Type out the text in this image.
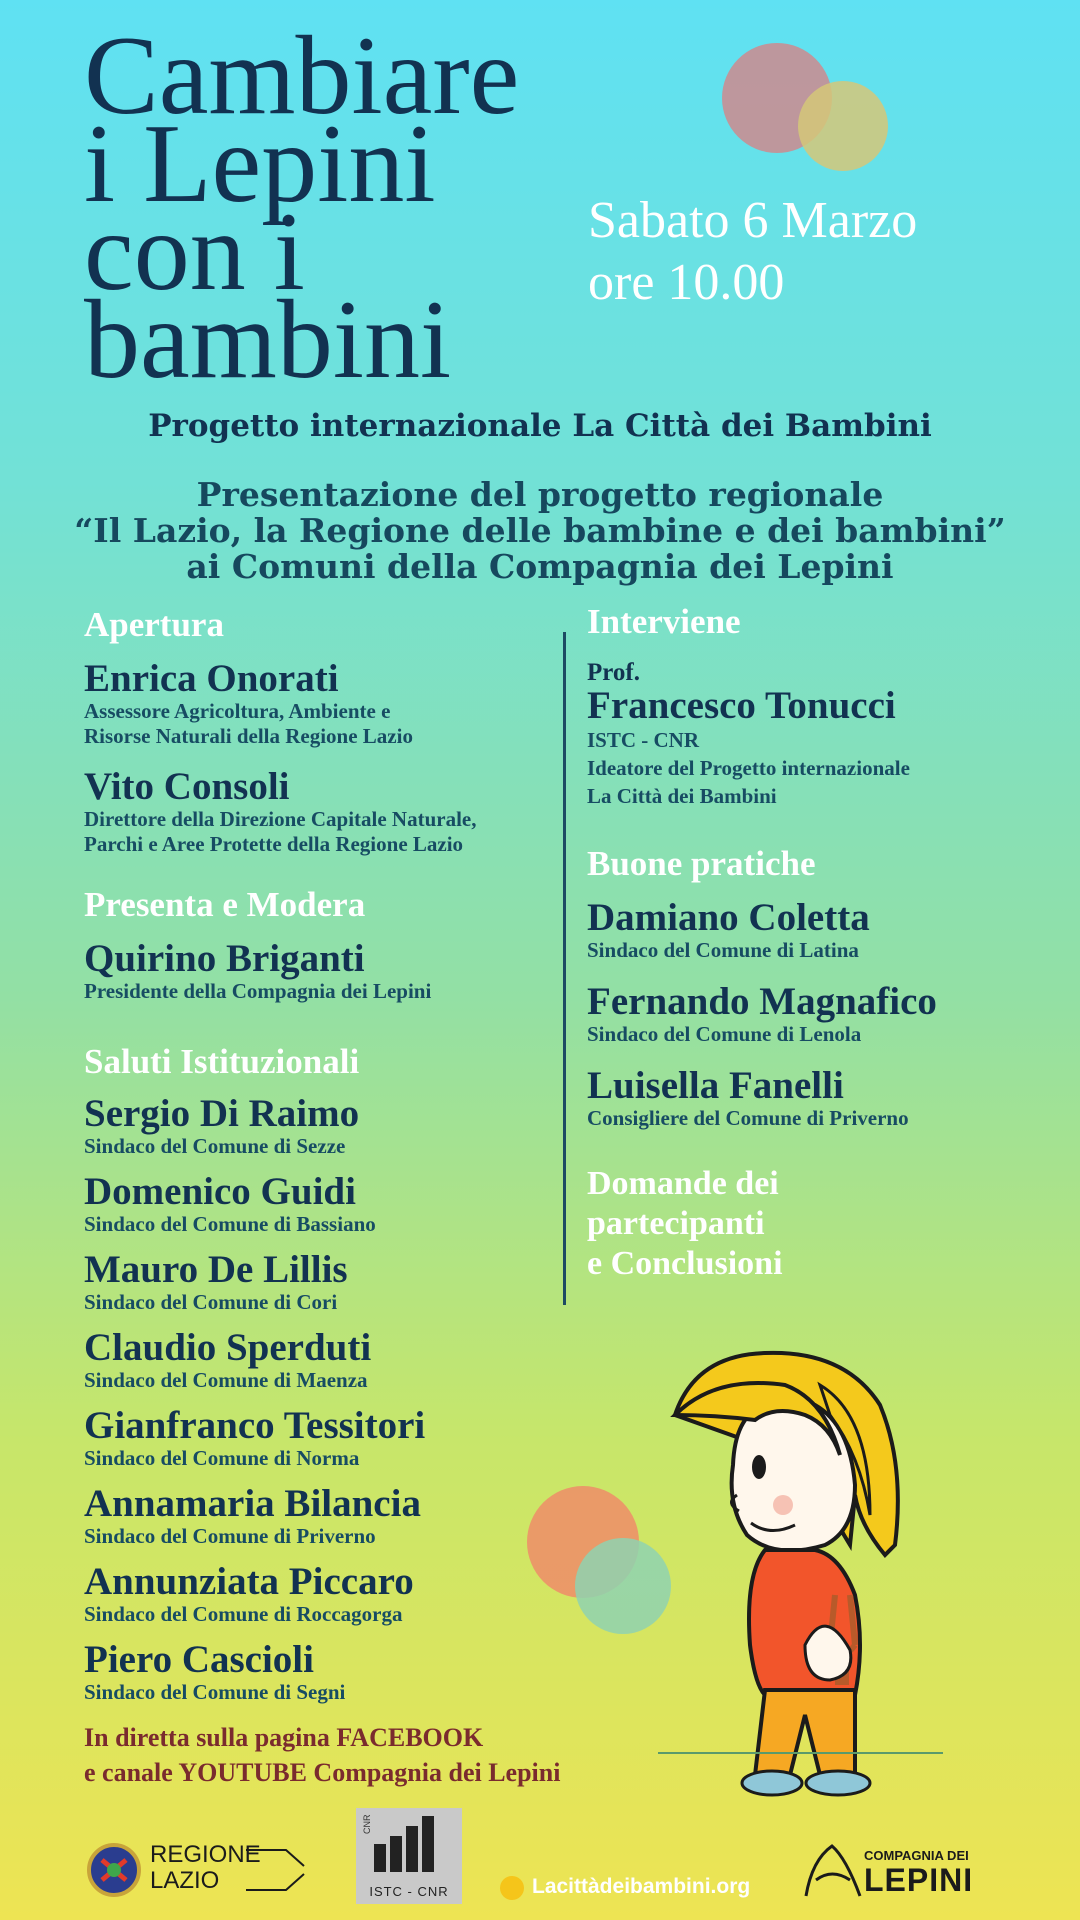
Cambiare
i Lepini
con i
bambini
Sabato 6 Marzo
ore 10.00
Progetto internazionale La Città dei Bambini
Presentazione del progetto regionale
“Il Lazio, la Regione delle bambine e dei bambini”
ai Comuni della Compagnia dei Lepini
Apertura
Enrica Onorati
Assessore Agricoltura, Ambiente e
Risorse Naturali della Regione Lazio
Vito Consoli
Direttore della Direzione Capitale Naturale,
Parchi e Aree Protette della Regione Lazio
Presenta e Modera
Quirino Briganti
Presidente della Compagnia dei Lepini
Saluti Istituzionali
Sergio Di Raimo
Sindaco del Comune di Sezze
Domenico Guidi
Sindaco del Comune di Bassiano
Mauro De Lillis
Sindaco del Comune di Cori
Claudio Sperduti
Sindaco del Comune di Maenza
Gianfranco Tessitori
Sindaco del Comune di Norma
Annamaria Bilancia
Sindaco del Comune di Priverno
Annunziata Piccaro
Sindaco del Comune di Roccagorga
Piero Cascioli
Sindaco del Comune di Segni
Interviene
Prof.
Francesco Tonucci
ISTC - CNR
Ideatore del Progetto internazionale
La Città dei Bambini
Buone pratiche
Damiano Coletta
Sindaco del Comune di Latina
Fernando Magnafico
Sindaco del Comune di Lenola
Luisella Fanelli
Consigliere del Comune di Priverno
Domande dei
partecipanti
e Conclusioni
In diretta sulla pagina FACEBOOK
e canale YOUTUBE Compagnia dei Lepini
REGIONE
LAZIO
CNR
ISTC - CNR	Lacittàdeibambini.org
COMPAGNIA DEI
LEPINI
